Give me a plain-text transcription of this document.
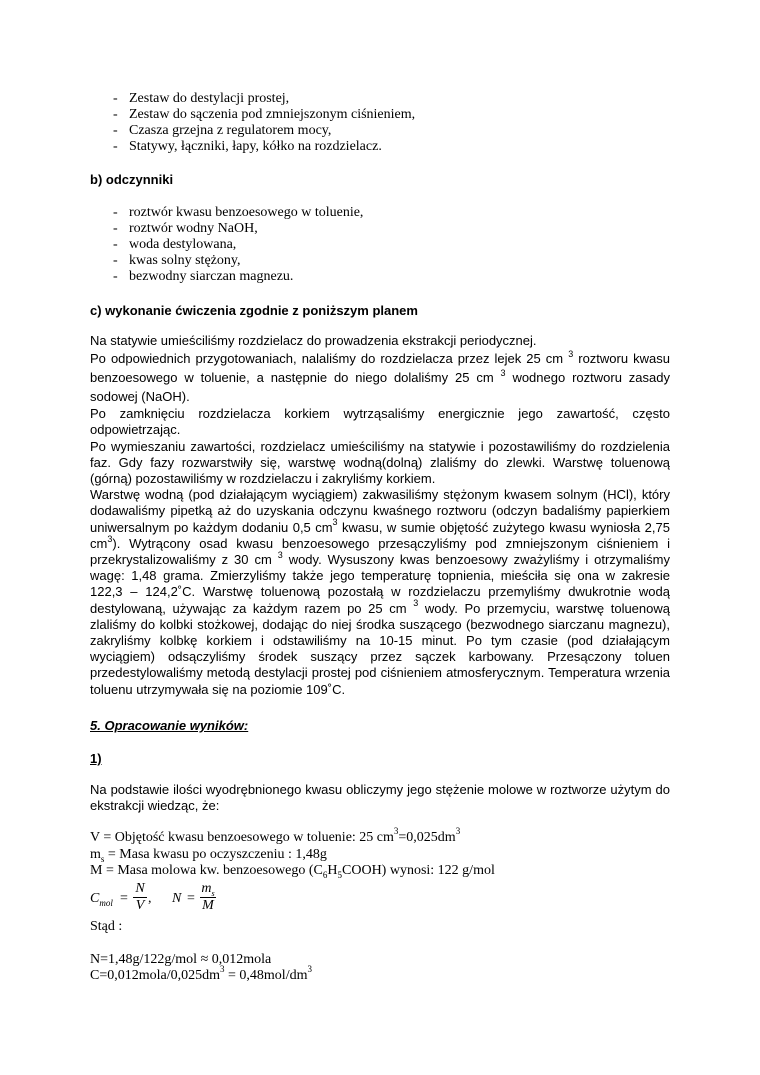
- Zestaw do destylacji prostej,
- Zestaw do sączenia pod zmniejszonym ciśnieniem,
- Czasza grzejna z regulatorem mocy,
- Statywy, łączniki, łapy, kółko na rozdzielacz.
b) odczynniki
- roztwór kwasu benzoesowego w toluenie,
- roztwór wodny NaOH,
- woda destylowana,
- kwas solny stężony,
- bezwodny siarczan magnezu.
c) wykonanie ćwiczenia zgodnie z poniższym planem
Na statywie umieściliśmy rozdzielacz do prowadzenia ekstrakcji periodycznej.
Po odpowiednich przygotowaniach, nalaliśmy do rozdzielacza przez lejek 25 cm $^3$ roztworu kwasu benzoesowego w toluenie, a następnie do niego dolaliśmy 25 cm $^3$ wodnego roztworu zasady sodowej (NaOH).
Po zamknięciu rozdzielacza korkiem wytrząsaliśmy energicznie jego zawartość, często odpowietrzając.
Po wymieszaniu zawartości, rozdzielacz umieściliśmy na statywie i pozostawiliśmy do rozdzielenia faz. Gdy fazy rozwarstwiły się, warstwę wodną(dolną) zlaliśmy do zlewki. Warstwę toluenową (górną) pozostawiliśmy w rozdzielaczu i zakryliśmy korkiem.
Warstwę wodną (pod działającym wyciągiem) zakwasiliśmy stężonym kwasem solnym (HCl), który dodawaliśmy pipetką aż do uzyskania odczynu kwaśnego roztworu (odczyn badaliśmy papierkiem uniwersalnym po każdym dodaniu 0,5 $cm^3$ kwasu, w sumie objętość zużytego kwasu wyniosła 2,75 $cm^3$). Wytrącony osad kwasu benzoesowego przesączyliśmy pod zmniejszonym ciśnieniem i przekrystalizowaliśmy z 30 cm $^3$ wody. Wysuszony kwas benzoesowy zważyliśmy i otrzymaliśmy wagę: 1,48 grama. Zmierzyliśmy także jego temperaturę topnienia, mieściła się ona w zakresie 122,3 – 124,2˚C. Warstwę toluenową pozostałą w rozdzielaczu przemyliśmy dwukrotnie wodą destylowaną, używając za każdym razem po 25 cm $^3$ wody. Po przemyciu, warstwę toluenową zlaliśmy do kolbki stożkowej, dodając do niej środka suszącego (bezwodnego siarczanu magnezu), zakryliśmy kolbkę korkiem i odstawiliśmy na 10-15 minut. Po tym czasie (pod działającym wyciągiem) odsączyliśmy środek suszący przez sączek karbowany. Przesączony toluen przedestylowaliśmy metodą destylacji prostej pod ciśnieniem atmosferycznym. Temperatura wrzenia toluenu utrzymywała się na poziomie 109˚C.
5. Opracowanie wyników:
1)
Na podstawie ilości wyodrębnionego kwasu obliczymy jego stężenie molowe w roztworze użytym do ekstrakcji wiedząc, że:
V = Objętość kwasu benzoesowego w toluenie: 25 $cm^3=0,025dm^3$
$m_s$ = Masa kwasu po oczyszczeniu : 1,48g
M = Masa molowa kw. benzoesowego $(C_6H_5COOH)$ wynosi: 122 g/mol
$C_{mol}$ =
N
V , N =
$m_s$
M
Stąd :
N=1,48g/122g/mol ≈ 0,012mola
$C=0,012mola/0,025dm^3 = 0,48mol/dm^3$
